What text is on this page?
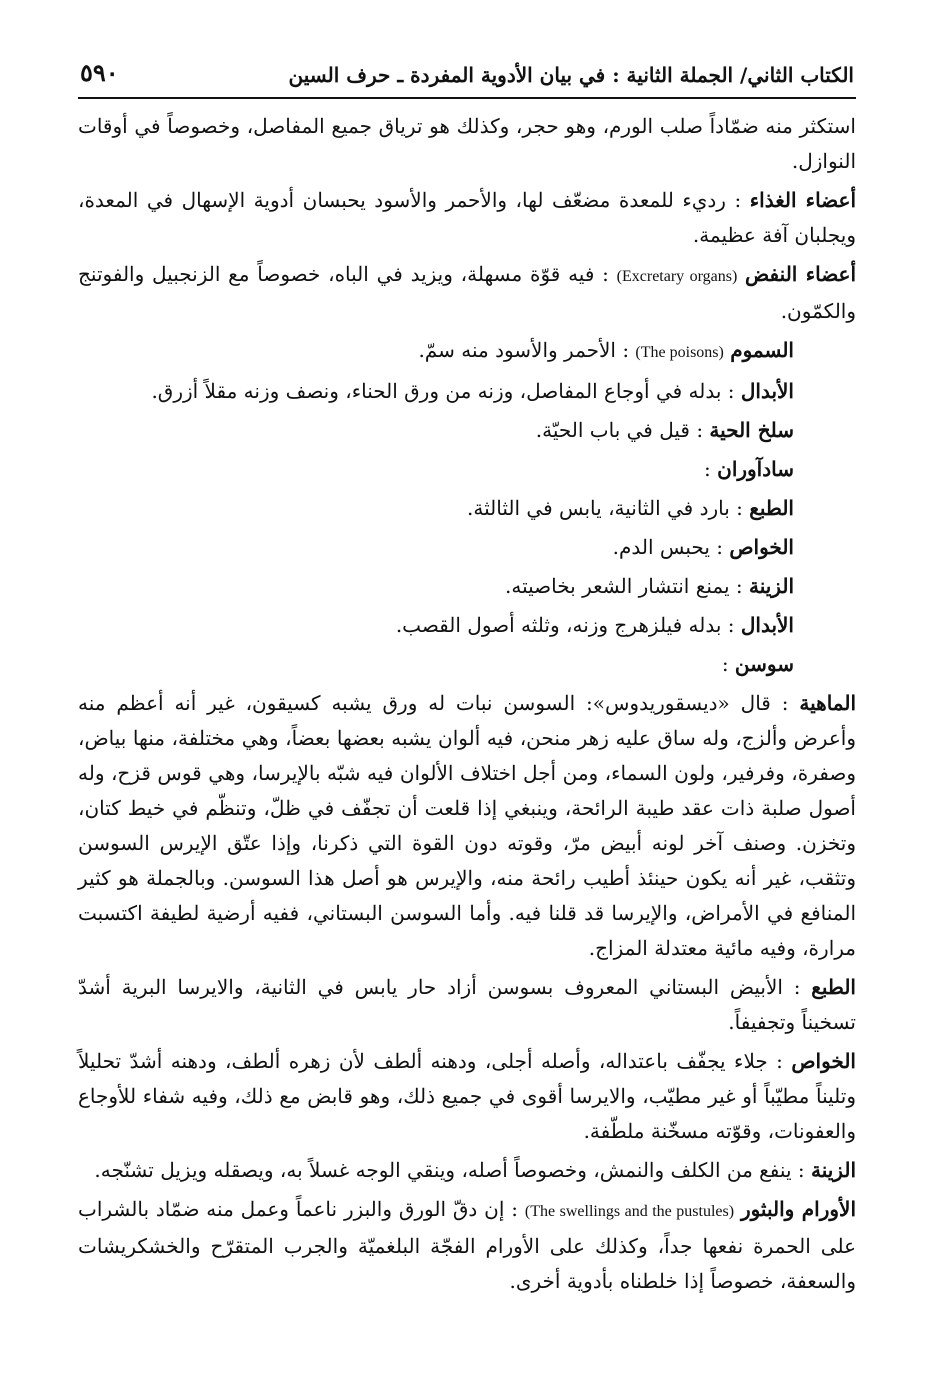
الكتاب الثاني/ الجملة الثانية : في بيان الأدوية المفردة ـ حرف السين
٥٩٠

استكثر منه ضمّاداً صلب الورم، وهو حجر، وكذلك هو ترياق جميع المفاصل، وخصوصاً في أوقات النوازل.

أعضاء الغذاء : رديء للمعدة مضعّف لها، والأحمر والأسود يحبسان أدوية الإسهال في المعدة، ويجلبان آفة عظيمة.

أعضاء النفض (Excretary organs) : فيه قوّة مسهلة، ويزيد في الباه، خصوصاً مع الزنجبيل والفوتنج والكمّون.

السموم (The poisons) : الأحمر والأسود منه سمّ.

الأبدال : بدله في أوجاع المفاصل، وزنه من ورق الحناء، ونصف وزنه مقلاً أزرق.

سلخ الحية : قيل في باب الحيّة.

سادآوران :

الطبع : بارد في الثانية، يابس في الثالثة.

الخواص : يحبس الدم.

الزينة : يمنع انتشار الشعر بخاصيته.

الأبدال : بدله فيلزهرج وزنه، وثلثه أصول القصب.

سوسن :

الماهية : قال «ديسقوريدوس»: السوسن نبات له ورق يشبه كسيقون، غير أنه أعظم منه وأعرض وألزج، وله ساق عليه زهر منحن، فيه ألوان يشبه بعضها بعضاً، وهي مختلفة، منها بياض، وصفرة، وفرفير، ولون السماء، ومن أجل اختلاف الألوان فيه شبّه بالإيرسا، وهي قوس قزح، وله أصول صلبة ذات عقد طيبة الرائحة، وينبغي إذا قلعت أن تجفّف في ظلّ، وتنظّم في خيط كتان، وتخزن. وصنف آخر لونه أبيض مرّ، وقوته دون القوة التي ذكرنا، وإذا عتّق الإيرس السوسن وتثقب، غير أنه يكون حينئذ أطيب رائحة منه، والإيرس هو أصل هذا السوسن. وبالجملة هو كثير المنافع في الأمراض، والإيرسا قد قلنا فيه. وأما السوسن البستاني، ففيه أرضية لطيفة اكتسبت مرارة، وفيه مائية معتدلة المزاج.

الطبع : الأبيض البستاني المعروف بسوسن أزاد حار يابس في الثانية، والايرسا البرية أشدّ تسخيناً وتجفيفاً.

الخواص : جلاء يجفّف باعتداله، وأصله أجلى، ودهنه ألطف لأن زهره ألطف، ودهنه أشدّ تحليلاً وتليناً مطيّباً أو غير مطيّب، والايرسا أقوى في جميع ذلك، وهو قابض مع ذلك، وفيه شفاء للأوجاع والعفونات، وقوّته مسخّنة ملطّفة.

الزينة : ينفع من الكلف والنمش، وخصوصاً أصله، وينقي الوجه غسلاً به، ويصقله ويزيل تشنّجه.

الأورام والبثور (The swellings and the pustules) : إن دقّ الورق والبزر ناعماً وعمل منه ضمّاد بالشراب على الحمرة نفعها جداً، وكذلك على الأورام الفجّة البلغميّة والجرب المتقرّح والخشكريشات والسعفة، خصوصاً إذا خلطناه بأدوية أخرى.
